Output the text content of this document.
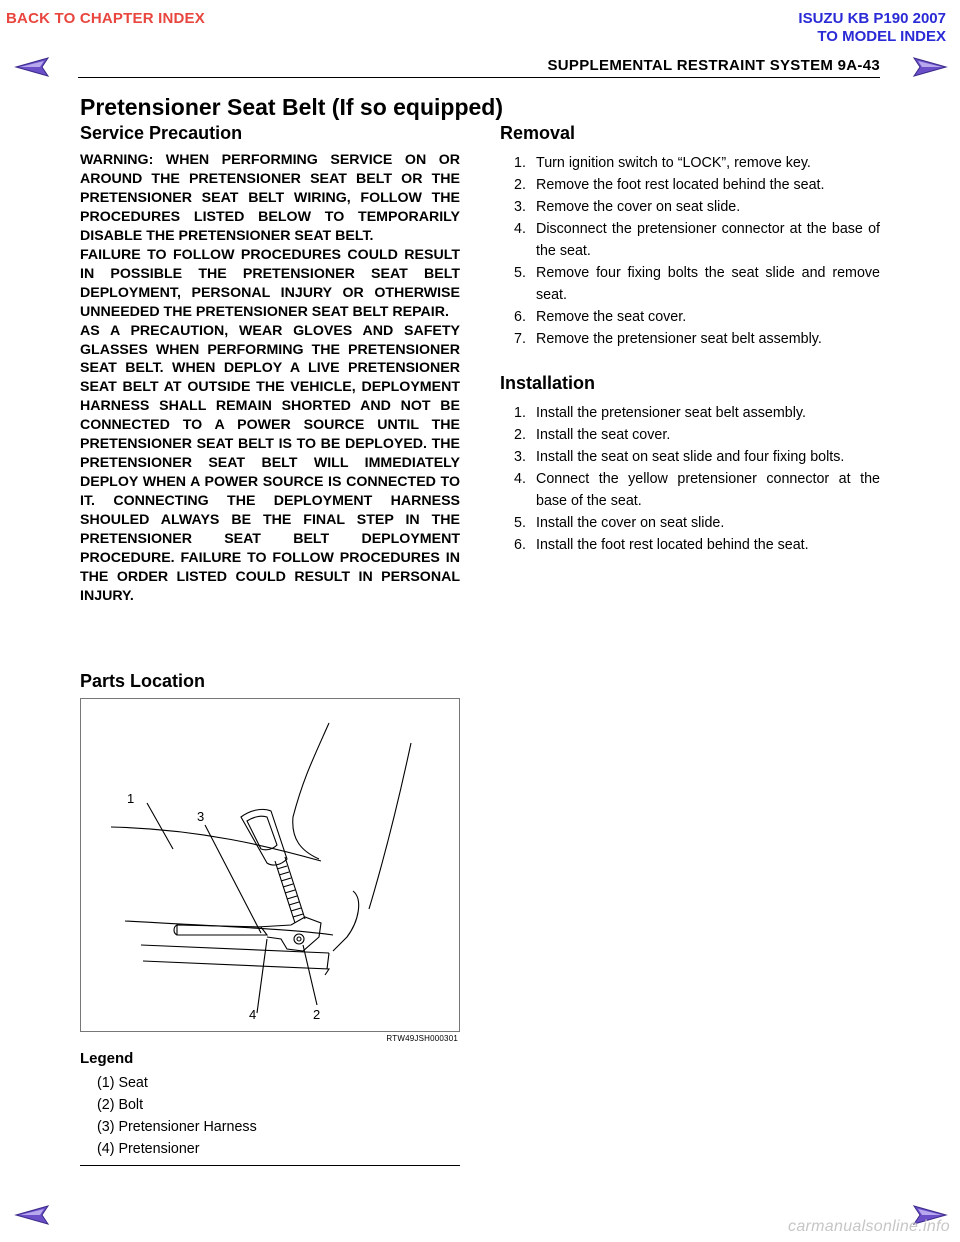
BACK TO CHAPTER INDEX	ISUZU KB P190 2007
TO MODEL INDEX
SUPPLEMENTAL RESTRAINT SYSTEM 9A-43
Pretensioner Seat Belt (If so equipped)
Service Precaution

WARNING: WHEN PERFORMING SERVICE ON OR AROUND THE PRETENSIONER SEAT BELT OR THE PRETENSIONER SEAT BELT WIRING, FOLLOW THE PROCEDURES LISTED BELOW TO TEMPORARILY DISABLE THE PRETENSIONER SEAT BELT.

FAILURE TO FOLLOW PROCEDURES COULD RESULT IN POSSIBLE THE PRETENSIONER SEAT BELT DEPLOYMENT, PERSONAL INJURY OR OTHERWISE UNNEEDED THE PRETENSIONER SEAT BELT REPAIR.

AS A PRECAUTION, WEAR GLOVES AND SAFETY GLASSES WHEN PERFORMING THE PRETENSIONER SEAT BELT. WHEN DEPLOY A LIVE PRETENSIONER SEAT BELT AT OUTSIDE THE VEHICLE, DEPLOYMENT HARNESS SHALL REMAIN SHORTED AND NOT BE CONNECTED TO A POWER SOURCE UNTIL THE PRETENSIONER SEAT BELT IS TO BE DEPLOYED. THE PRETENSIONER SEAT BELT WILL IMMEDIATELY DEPLOY WHEN A POWER SOURCE IS CONNECTED TO IT. CONNECTING THE DEPLOYMENT HARNESS SHOULED ALWAYS BE THE FINAL STEP IN THE PRETENSIONER SEAT BELT DEPLOYMENT PROCEDURE. FAILURE TO FOLLOW PROCEDURES IN THE ORDER LISTED COULD RESULT IN PERSONAL INJURY.

Parts Location
1
2
3
4
RTW49JSH000301
Legend
(1) Seat
(2) Bolt
(3) Pretensioner Harness
(4) Pretensioner
Removal
1. Turn ignition switch to “LOCK”, remove key.
2. Remove the foot rest located behind the seat.
3. Remove the cover on seat slide.
4. Disconnect the pretensioner connector at the base of the seat.
5. Remove four fixing bolts the seat slide and remove seat.
6. Remove the seat cover.
7. Remove the pretensioner seat belt assembly.
Installation
1. Install the pretensioner seat belt assembly.
2. Install the seat cover.
3. Install the seat on seat slide and four fixing bolts.
4. Connect the yellow pretensioner connector at the base of the seat.
5. Install the cover on seat slide.
6. Install the foot rest located behind the seat.
carmanualsonline.info
